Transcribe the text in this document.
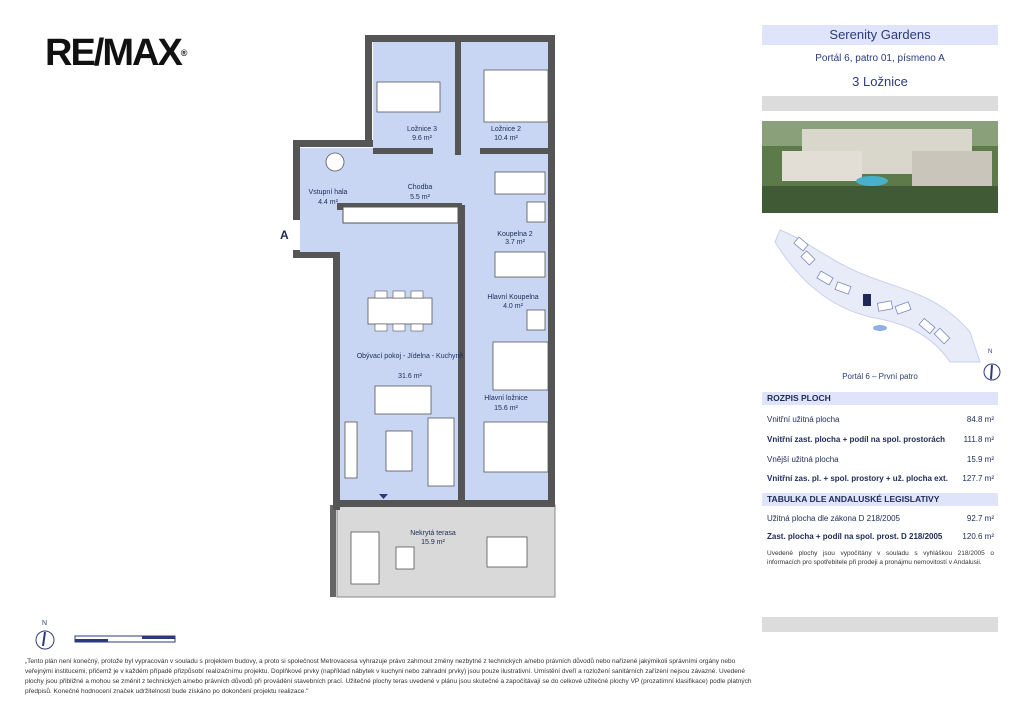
RE/MAX®
Ložnice 3
9.6 m²
Ložnice 2
10.4 m²
Vstupní hala
4.4 m²
Chodba
5.5 m²
Koupelna 2
3.7 m²
Hlavní Koupelna
4.0 m²
Obývací pokoj - Jídelna - Kuchyně
31.6 m²
Hlavní ložnice
15.6 m²
Nekrytá terasa
15.9 m²
A
N
Serenity Gardens
Portál 6, patro 01, písmeno A
3 Ložnice
N
Portál 6 – První patro
ROZPIS PLOCH
Vnitřní užitná plocha	84.8 m²
Vnitřní zast. plocha + podíl na spol. prostorách 111.8 m²
Vnější užitná plocha	15.9 m²
Vnitřní zas. pl. + spol. prostory + už. plocha ext. 127.7 m²
TABULKA DLE ANDALUSKÉ LEGISLATIVY
Užitná plocha dle zákona D 218/2005	92.7 m²
Zast. plocha + podíl na spol. prost. D 218/2005	120.6 m²
Uvedené plochy jsou vypočítány v souladu s vyhláškou 218/2005 o informacích pro spotřebitele při prodeji a pronájmu nemovitostí v Andalusii.
„Tento plán není konečný, protože byl vypracován v souladu s projektem budovy, a proto si společnost Metrovacesa vyhrazuje právo zahrnout změny nezbytné z technických a/nebo právních důvodů nebo nařízené jakýmikoli správními orgány nebo veřejnými institucemi, přičemž je v každém případě přizpůsobí realizačnímu projektu. Doplňkové prvky (například nábytek v kuchyni nebo zahradní prvky) jsou pouze ilustrativní. Umístění dveří a rozložení sanitárních zařízení nejsou závazné. Uvedené plochy jsou přibližné a mohou se změnit z technických a/nebo právních důvodů při provádění stavebních prací. Užitečné plochy teras uvedené v plánu jsou skutečné a započítávají se do celkové užitečné plochy VP (prozatímní klasifikace) podle platných předpisů. Konečné hodnocení značek udržitelnosti bude získáno po dokončení projektu realizace."
